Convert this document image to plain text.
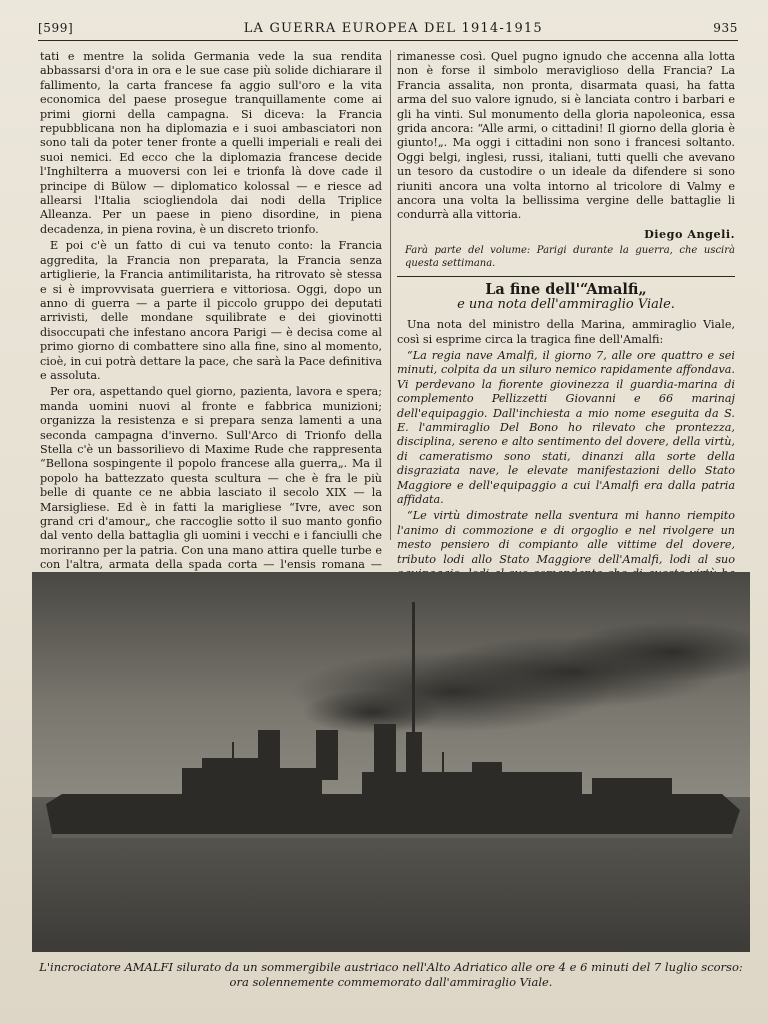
[599]	LA GUERRA EUROPEA DEL 1914-1915	935

tati e mentre la solida Germania vede la sua rendita abbassarsi d'ora in ora e le sue case più solide dichiarare il fallimento, la carta francese fa aggio sull'oro e la vita economica del paese prosegue tranquillamente come ai primi giorni della campagna. Si diceva: la Francia repubblicana non ha diplomazia e i suoi ambasciatori non sono tali da poter tener fronte a quelli imperiali e reali dei suoi nemici. Ed ecco che la diplomazia francese decide l'Inghilterra a muoversi con lei e trionfa là dove cade il principe di Bülow — diplomatico kolossal — e riesce ad allearsi l'Italia sciogliendola dai nodi della Triplice Alleanza. Per un paese in pieno disordine, in piena decadenza, in piena rovina, è un discreto trionfo.

E poi c'è un fatto di cui va tenuto conto: la Francia aggredita, la Francia non preparata, la Francia senza artiglierie, la Francia antimilitarista, ha ritrovato sè stessa e si è improvvisata guerriera e vittoriosa. Oggi, dopo un anno di guerra — a parte il piccolo gruppo dei deputati arrivisti, delle mondane squilibrate e dei giovinotti disoccupati che infestano ancora Parigi — è decisa come al primo giorno di combattere sino alla fine, sino al momento, cioè, in cui potrà dettare la pace, che sarà la Pace definitiva e assoluta.

Per ora, aspettando quel giorno, pazienta, lavora e spera; manda uomini nuovi al fronte e fabbrica munizioni; organizza la resistenza e si prepara senza lamenti a una seconda campagna d'inverno. Sull'Arco di Trionfo della Stella c'è un bassorilievo di Maxime Rude che rappresenta “Bellona sospingente il popolo francese alla guerra„. Ma il popolo ha battezzato questa scultura — che è fra le più belle di quante ce ne abbia lasciato il secolo XIX — la Marsigliese. Ed è in fatti la marigliese “Ivre, avec son grand cri d'amour„ che raccoglie sotto il suo manto gonfio dal vento della battaglia gli uomini i vecchi e i fanciulli che moriranno per la patria. Con una mano attira quelle turbe e con l'altra, armata della spada corta — l'ensis romana —

rimanesse così. Quel pugno ignudo che accenna alla lotta non è forse il simbolo meraviglioso della Francia? La Francia assalita, non pronta, disarmata quasi, ha fatta arma del suo valore ignudo, si è lanciata contro i barbari e gli ha vinti. Sul monumento della gloria napoleonica, essa grida ancora: “Alle armi, o cittadini! Il giorno della gloria è giunto!„. Ma oggi i cittadini non sono i francesi soltanto. Oggi belgi, inglesi, russi, italiani, tutti quelli che avevano un tesoro da custodire o un ideale da difendere si sono riuniti ancora una volta intorno al tricolore di Valmy e ancora una volta la bellissima vergine delle battaglie li condurrà alla vittoria.

Diego Angeli.
Farà parte del volume: Parigi durante la guerra, che uscirà questa settimana.
La fine dell'“Amalfi„
e una nota dell'ammiraglio Viale.

Una nota del ministro della Marina, ammiraglio Viale, così si esprime circa la tragica fine dell'Amalfi:

“La regia nave Amalfi, il giorno 7, alle ore quattro e sei minuti, colpita da un siluro nemico rapidamente affondava. Vi perdevano la fiorente giovinezza il guardia-marina di complemento Pellizzetti Giovanni e 66 marinaj dell'equipaggio. Dall'inchiesta a mio nome eseguita da S. E. l'ammiraglio Del Bono ho rilevato che prontezza, disciplina, sereno e alto sentimento del dovere, della virtù, di cameratismo sono stati, dinanzi alla sorte della disgraziata nave, le elevate manifestazioni dello Stato Maggiore e dell'equipaggio a cui l'Amalfi era dalla patria affidata.

“Le virtù dimostrate nella sventura mi hanno riempito l'animo di commozione e di orgoglio e nel rivolgere un mesto pensiero di compianto alle vittime del dovere, tributo lodi allo Stato Maggiore dell'Amalfi, lodi al suo

L'incrociatore AMALFI silurato da un sommergibile austriaco nell'Alto Adriatico alle ore 4 e 6 minuti del 7 luglio scorso:
ora solennemente commemorato dall'ammiraglio Viale.
